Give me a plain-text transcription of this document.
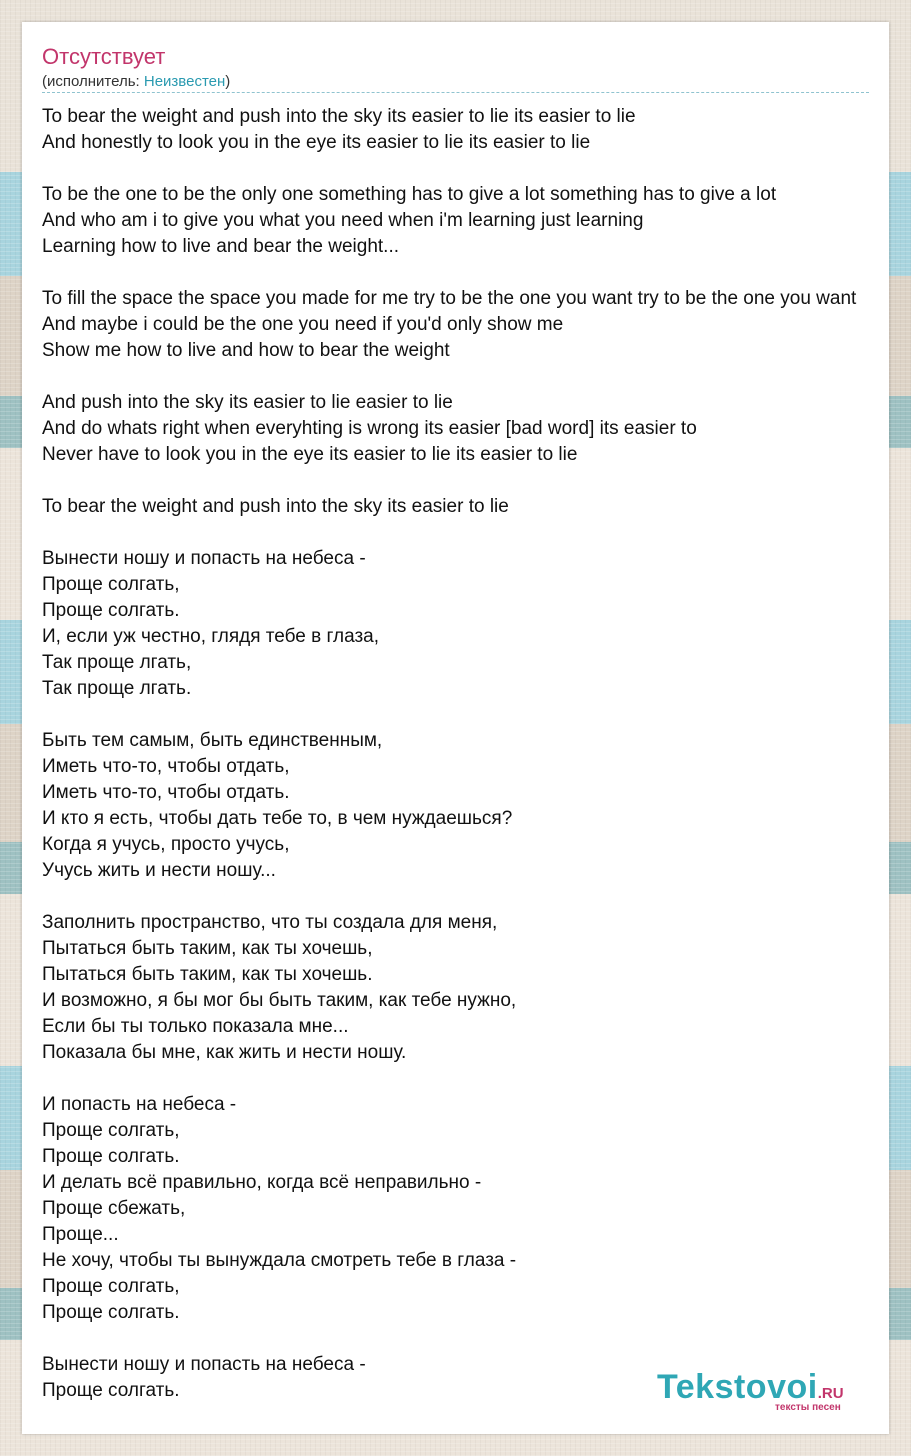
Отсутствует
(исполнитель: Неизвестен)
To bear the weight and push into the sky its easier to lie its easier to lie
And honestly to look you in the eye its easier to lie its easier to lie
To be the one to be the only one something has to give a lot something has to give a lot
And who am i to give you what you need when i'm learning just learning
Learning how to live and bear the weight...
To fill the space the space you made for me try to be the one you want try to be the one you want
And maybe i could be the one you need if you'd only show me
Show me how to live and how to bear the weight
And push into the sky its easier to lie easier to lie
And do whats right when everyhting is wrong its easier [bad word] its easier to
Never have to look you in the eye its easier to lie its easier to lie
To bear the weight and push into the sky its easier to lie
Вынести ношу и попасть на небеса -
Проще солгать,
Проще солгать.
И, если уж честно, глядя тебе в глаза,
Так проще лгать,
Так проще лгать.
Быть тем самым, быть единственным,
Иметь что-то, чтобы отдать,
Иметь что-то, чтобы отдать.
И кто я есть, чтобы дать тебе то, в чем нуждаешься?
Когда я учусь, просто учусь,
Учусь жить и нести ношу...
Заполнить пространство, что ты создала для меня,
Пытаться быть таким, как ты хочешь,
Пытаться быть таким, как ты хочешь.
И возможно, я бы мог бы быть таким, как тебе нужно,
Если бы ты только показала мне...
Показала бы мне, как жить и нести ношу.
И попасть на небеса -
Проще солгать,
Проще солгать.
И делать всё правильно, когда всё неправильно -
Проще сбежать,
Проще...
Не хочу, чтобы ты вынуждала смотреть тебе в глаза -
Проще солгать,
Проще солгать.
Вынести ношу и попасть на небеса -
Проще солгать.	Tekstovoi.RU
тексты песен
